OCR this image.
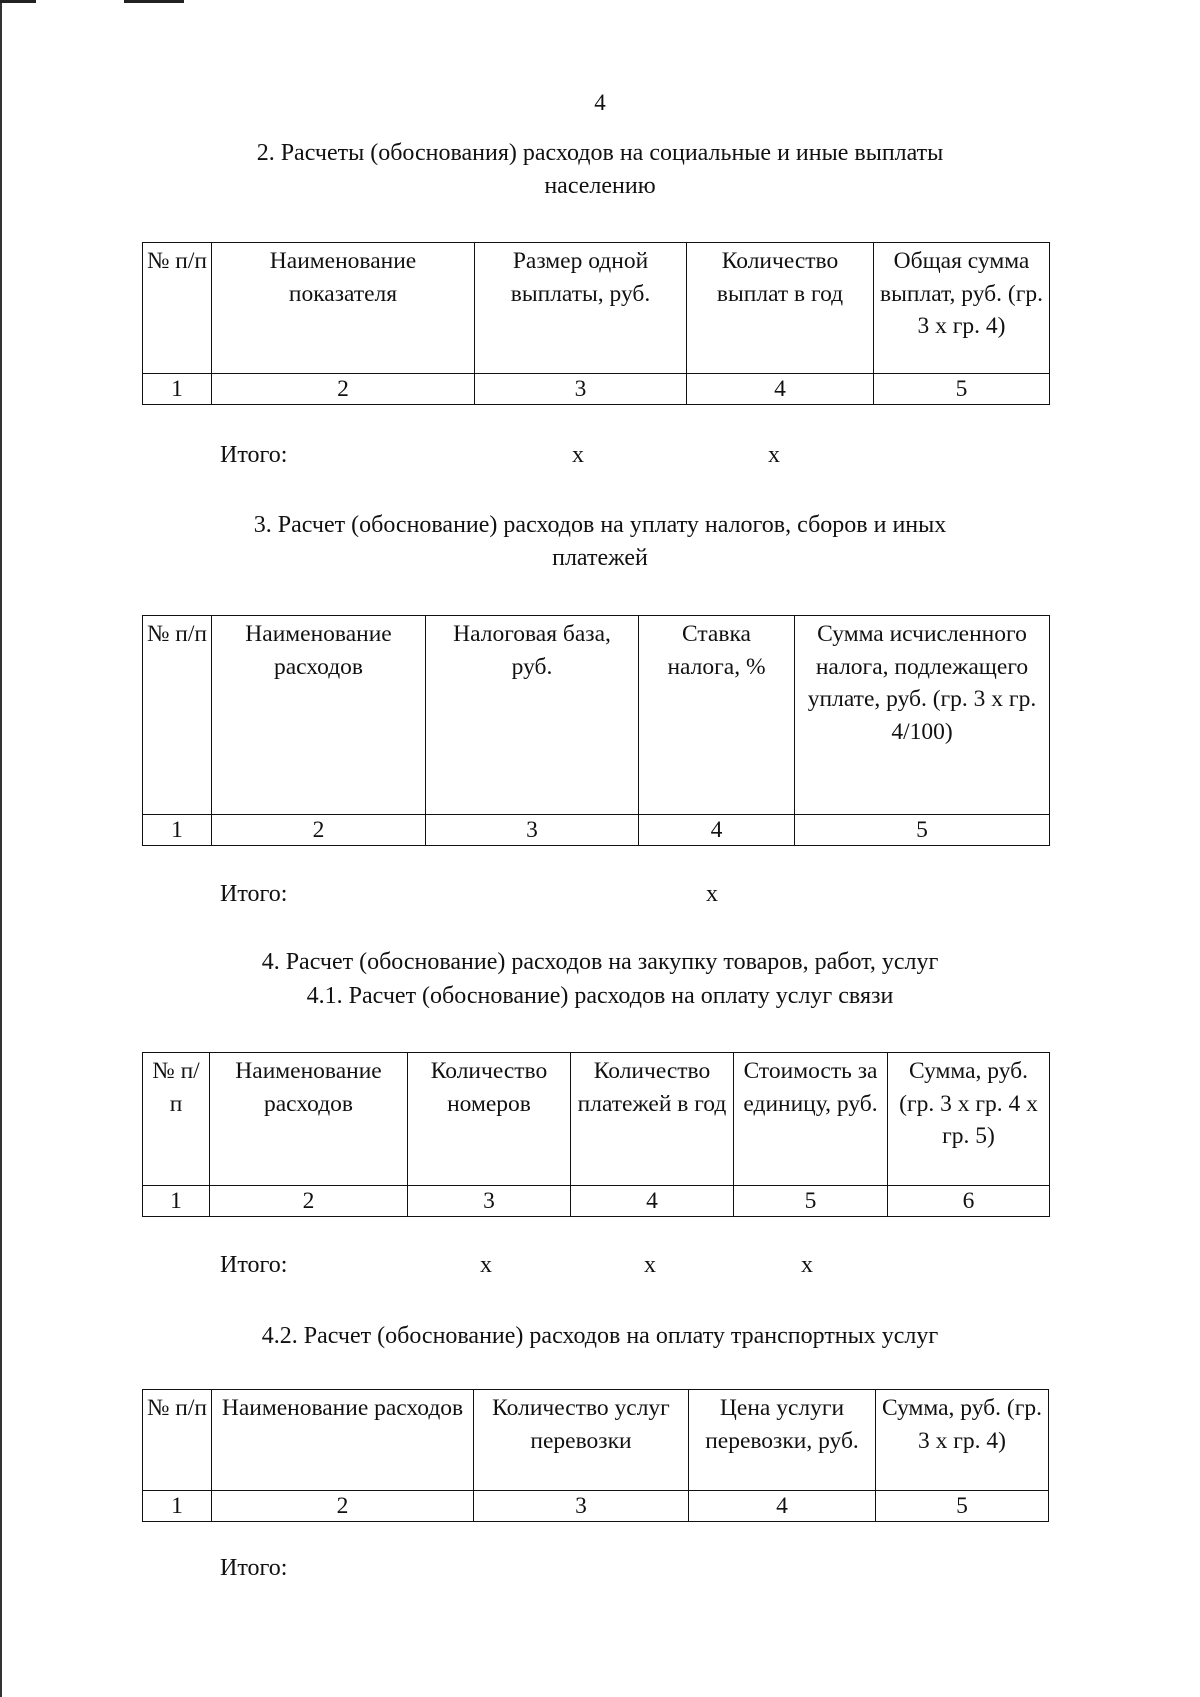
4
2. Расчеты (обоснования) расходов на социальные и иные выплаты
населению
№ п/п	Наименование показателя	Размер одной выплаты, руб.	Количество выплат в год	Общая сумма выплат, руб. (гр. 3 х гр. 4)
1	2	3	4	5
Итого:	x	x
3. Расчет (обоснование) расходов на уплату налогов, сборов и иных
платежей
№ п/п	Наименование расходов	Налоговая база, руб.	Ставка налога, %	Сумма исчисленного налога, подлежащего уплате, руб. (гр. 3 х гр. 4/100)
1	2	3	4	5
Итого:	x
4. Расчет (обоснование) расходов на закупку товаров, работ, услуг
4.1. Расчет (обоснование) расходов на оплату услуг связи
№ п/п	Наименование расходов	Количество номеров	Количество платежей в год	Стоимость за единицу, руб.	Сумма, руб. (гр. 3 х гр. 4 х гр. 5)
1	2	3	4	5	6
Итого:	x	x	x
4.2. Расчет (обоснование) расходов на оплату транспортных услуг
№ п/п	Наименование расходов	Количество услуг перевозки	Цена услуги перевозки, руб.	Сумма, руб. (гр. 3 х гр. 4)
1	2	3	4	5
Итого:
